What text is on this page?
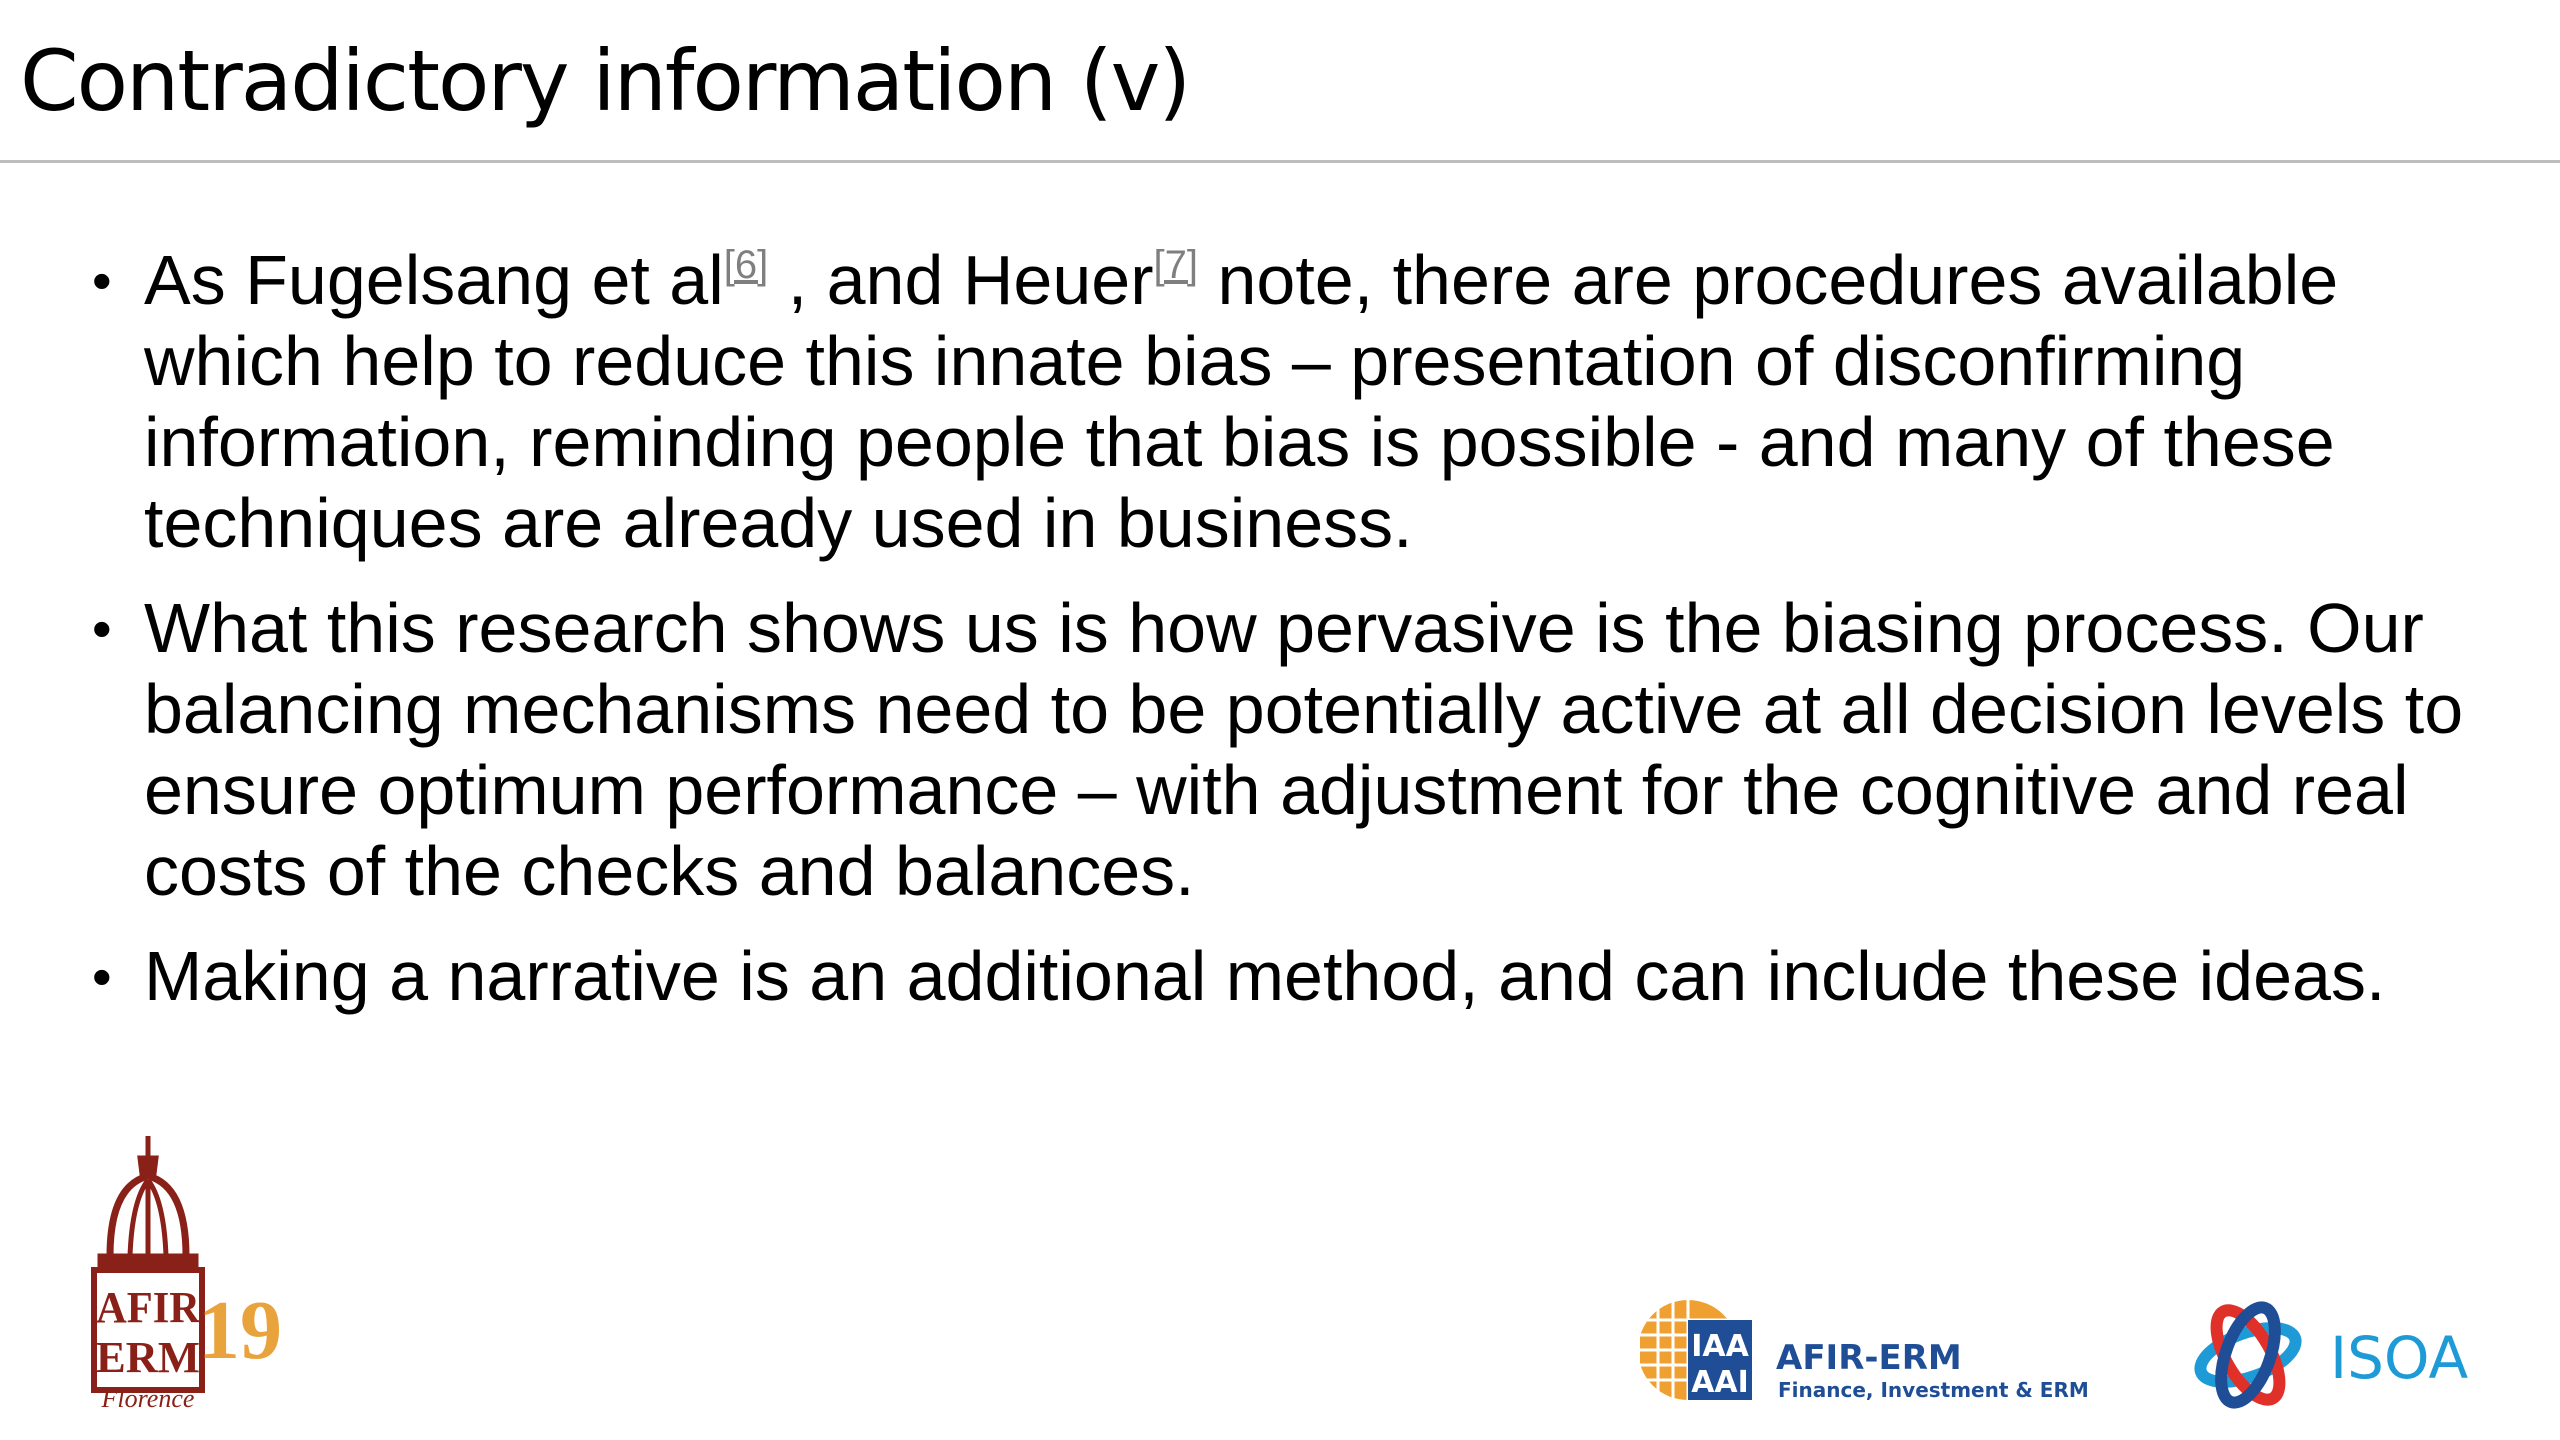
Contradictory information (v)
• As Fugelsang et al[6] , and Heuer[7] note, there are procedures available which help to reduce this innate bias – presentation of disconfirming information, reminding people that bias is possible - and many of these techniques are already used in business.
• What this research shows us is how pervasive is the biasing process. Our balancing mechanisms need to be potentially active at all decision levels to ensure optimum performance – with adjustment for the cognitive and real costs of the checks and balances.
• Making a narrative is an additional method, and can include these ideas.
AFIR
ERM
19
Florence
IAA
AAI
AFIR-ERM
Finance, Investment & ERM	ISOA
